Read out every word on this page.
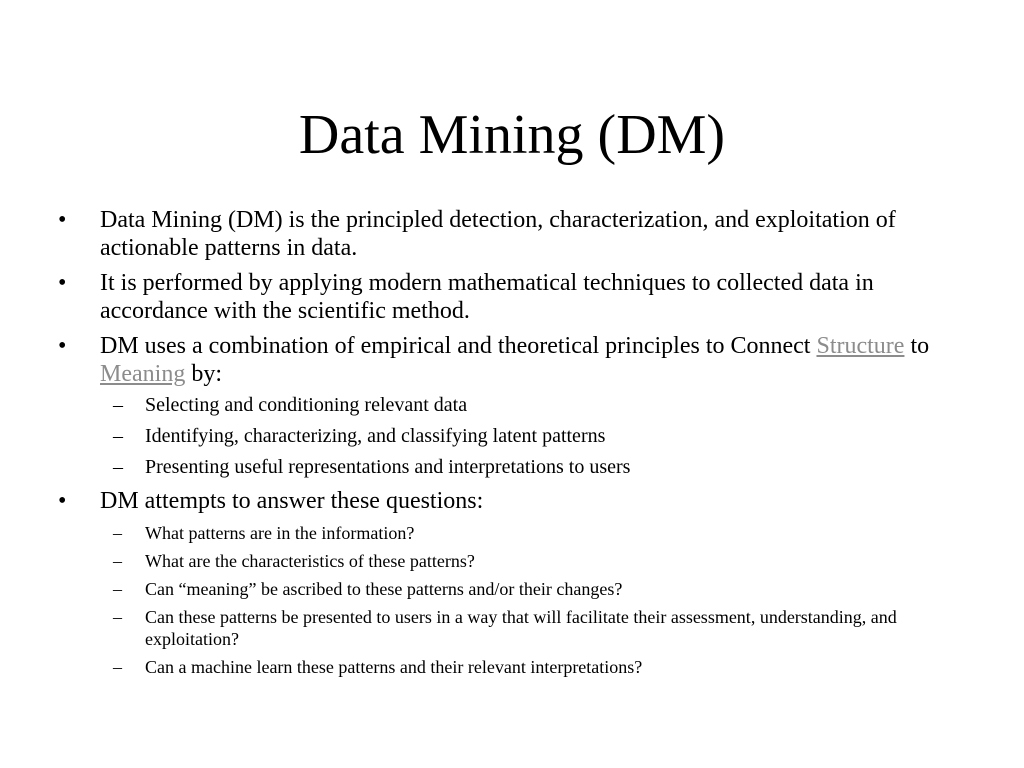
Data Mining (DM)
•	Data Mining (DM) is the principled detection, characterization, and exploitation of actionable patterns in data.
•	It is performed by applying modern mathematical techniques to collected data in accordance with the scientific method.
•	DM uses a combination of empirical and theoretical principles to Connect Structure to Meaning by:
– Selecting and conditioning relevant data
– Identifying, characterizing, and classifying latent patterns
– Presenting useful representations and interpretations to users
•	DM attempts to answer these questions:
– What patterns are in the information?
– What are the characteristics of these patterns?
– Can “meaning” be ascribed to these patterns and/or their changes?
– Can these patterns be presented to users in a way that will facilitate their assessment, understanding, and exploitation?
– Can a machine learn these patterns and their relevant interpretations?
